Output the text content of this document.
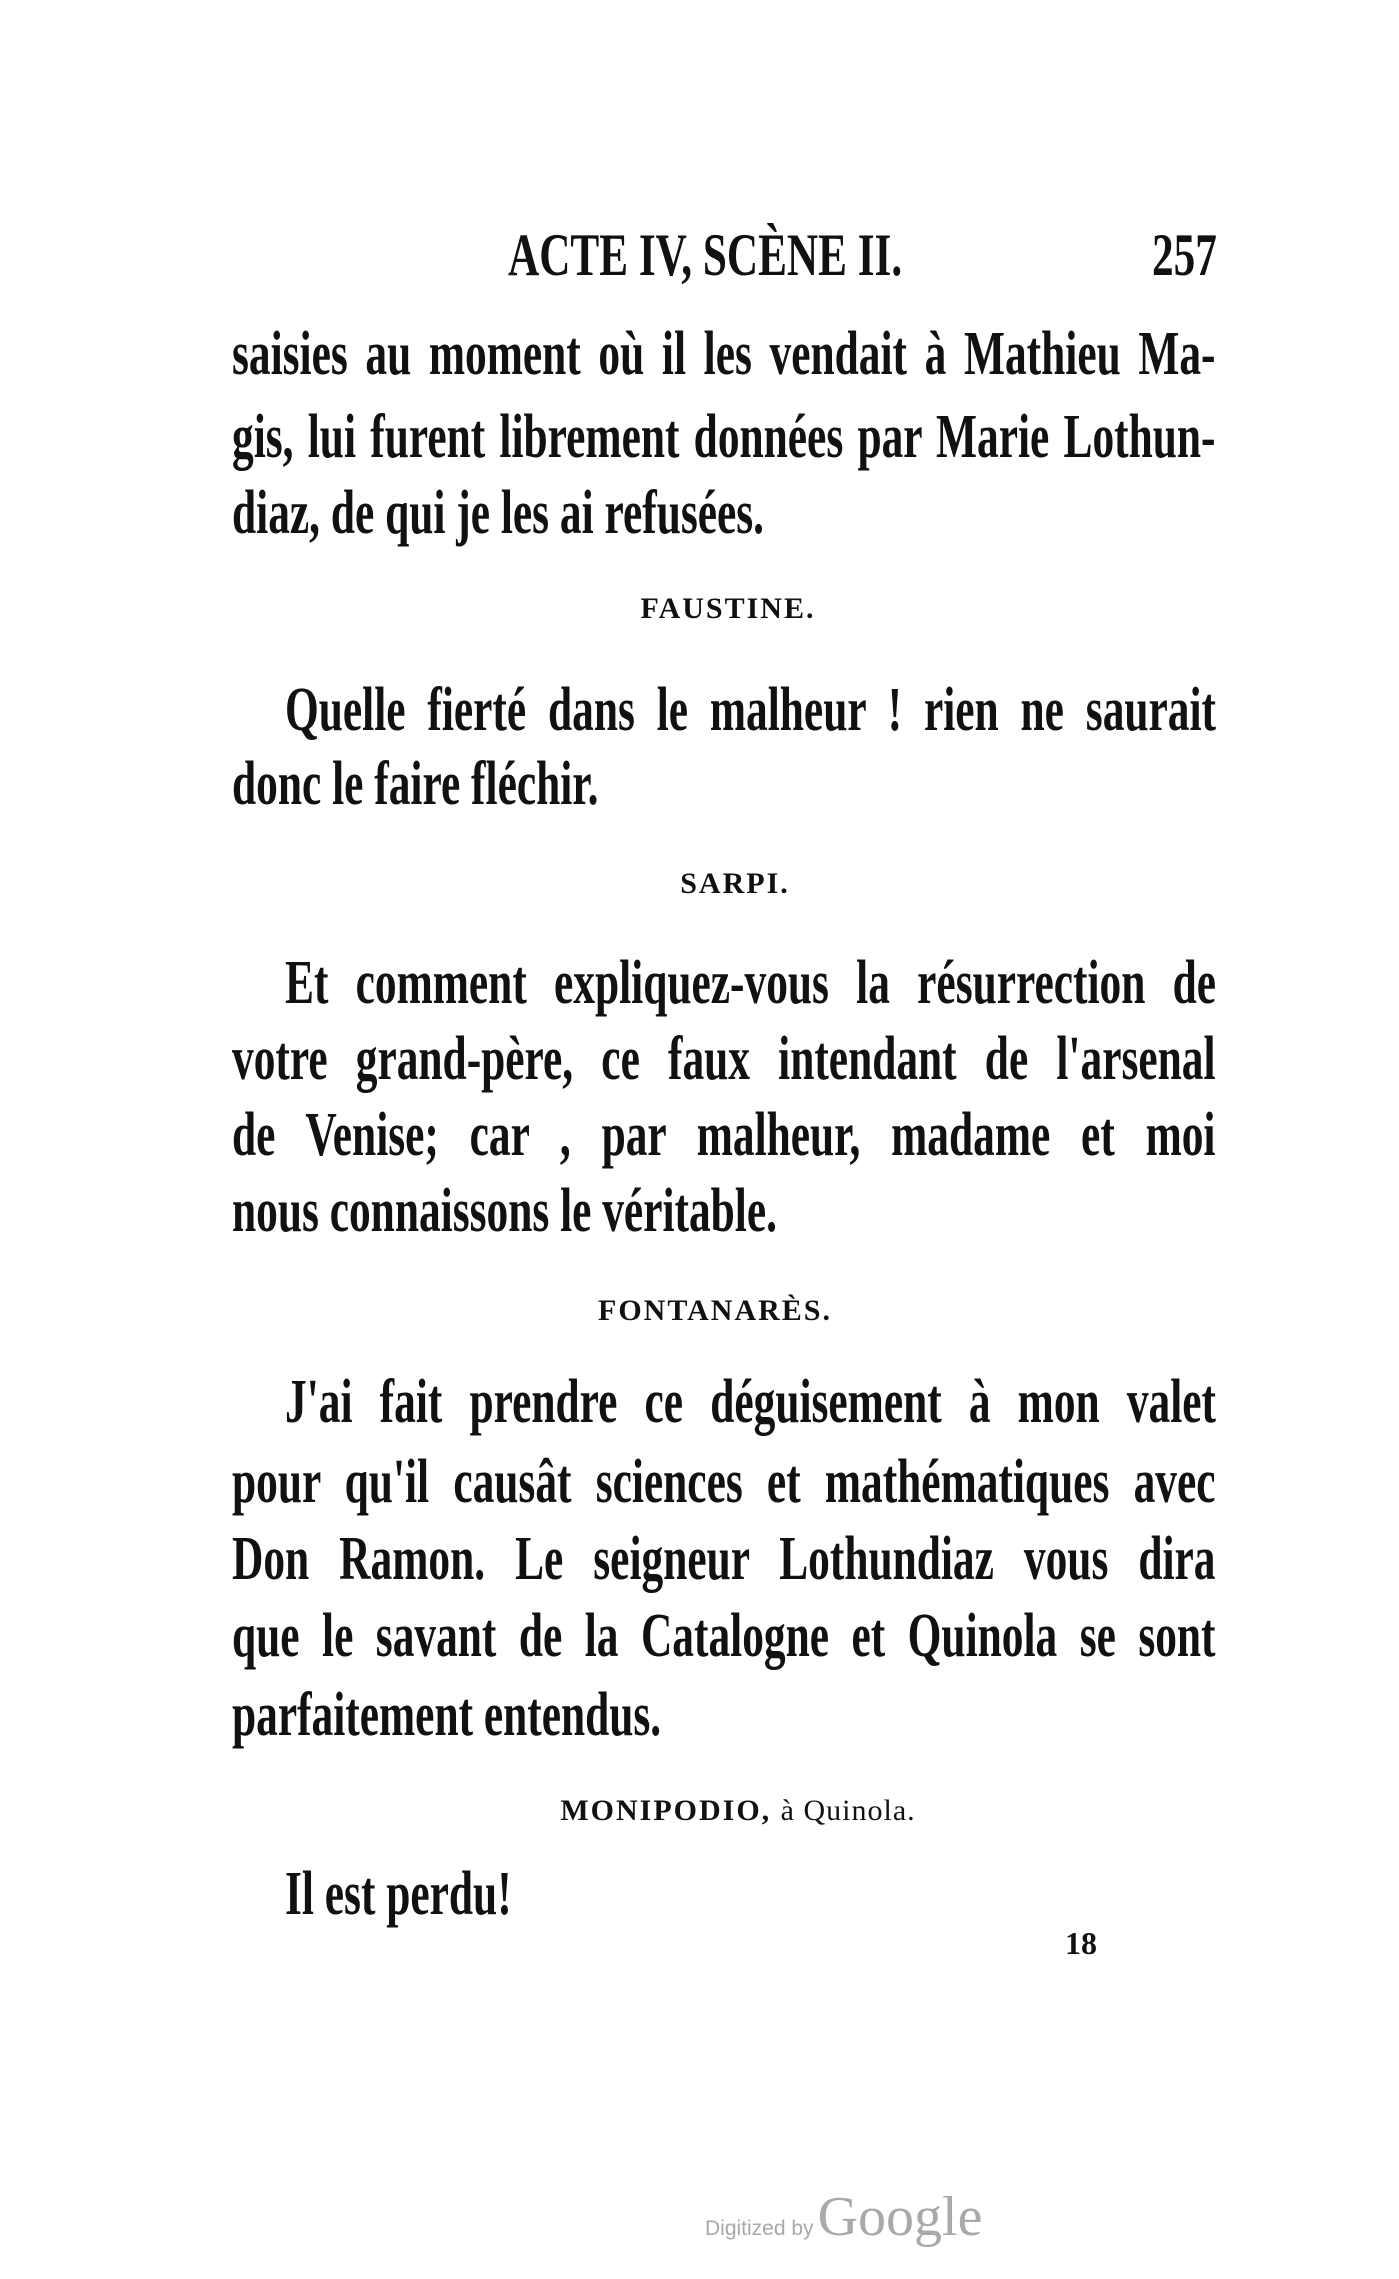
ACTE IV, SCÈNE II.	257
saisies au moment où il les vendait à Mathieu Ma-
gis, lui furent librement données par Marie Lothun-
diaz, de qui je les ai refusées.
FAUSTINE.
Quelle fierté dans le malheur ! rien ne saurait
donc le faire fléchir.
SARPI.
Et comment expliquez-vous la résurrection de
votre grand-père, ce faux intendant de l'arsenal
de Venise; car , par malheur, madame et moi
nous connaissons le véritable.
FONTANARÈS.
J'ai fait prendre ce déguisement à mon valet
pour qu'il causât sciences et mathématiques avec
Don Ramon. Le seigneur Lothundiaz vous dira
que le savant de la Catalogne et Quinola se sont
parfaitement entendus.
MONIPODIO, à Quinola.
Il est perdu!
18
Digitized by Google
